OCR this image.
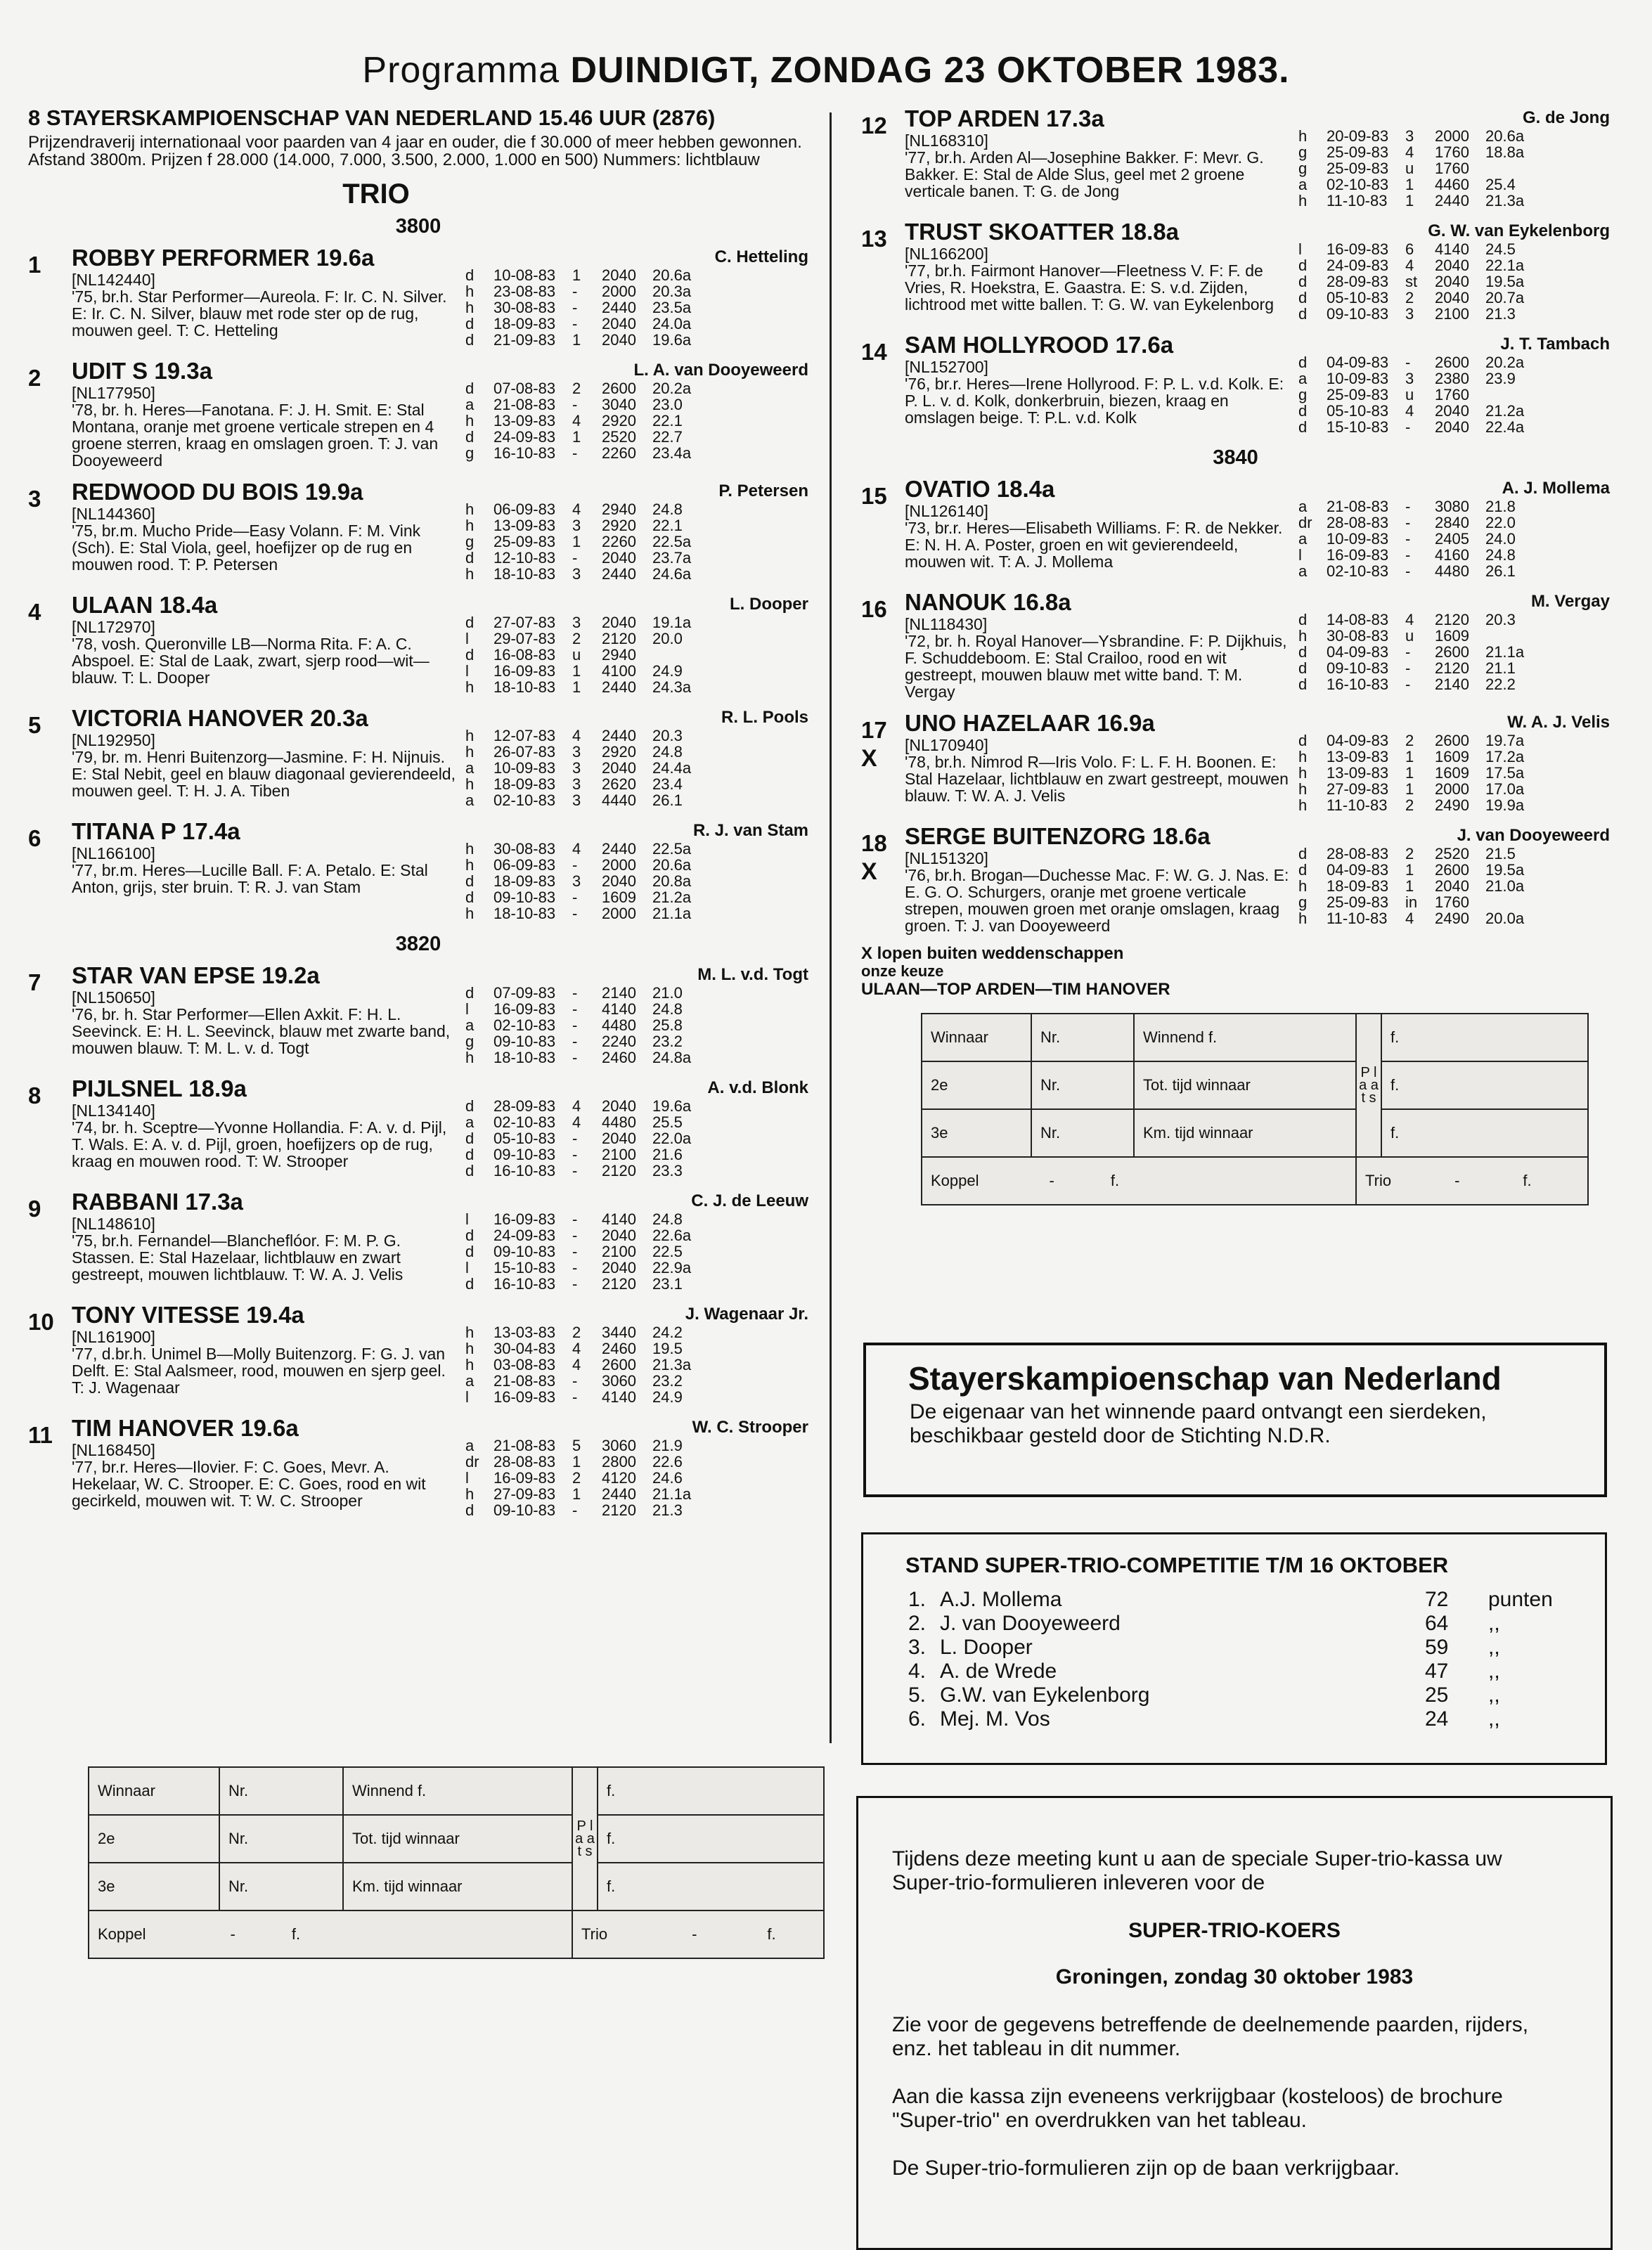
Programma DUINDIGT, ZONDAG 23 OKTOBER 1983.
8 STAYERSKAMPIOENSCHAP VAN NEDERLAND 15.46 UUR (2876)
Prijzendraverij internationaal voor paarden van 4 jaar en ouder, die f 30.000 of meer hebben gewonnen. Afstand 3800m. Prijzen f 28.000 (14.000, 7.000, 3.500, 2.000, 1.000 en 500) Nummers: lichtblauw
TRIO
3800
1	ROBBY PERFORMER 19.6a
[NL142440]
'75, br.h. Star Performer—Aureola. F: Ir. C. N. Silver. E: Ir. C. N. Silver, blauw met rode ster op de rug, mouwen geel. T: C. Hetteling
C. Hetteling
d	10-08-83	1	2040	20.6a
h	23-08-83	-	2000	20.3a
h	30-08-83	-	2440	23.5a
d	18-09-83	-	2040	24.0a
d	21-09-83	1	2040	19.6a
2	UDIT S 19.3a
[NL177950]
'78, br. h. Heres—Fanotana. F: J. H. Smit. E: Stal Montana, oranje met groene verticale strepen en 4 groene sterren, kraag en omslagen groen. T: J. van Dooyeweerd
L. A. van Dooyeweerd
d	07-08-83	2	2600	20.2a
a	21-08-83	-	3040	23.0
h	13-09-83	4	2920	22.1
d	24-09-83	1	2520	22.7
g	16-10-83	-	2260	23.4a
3	REDWOOD DU BOIS 19.9a
[NL144360]
'75, br.m. Mucho Pride—Easy Volann. F: M. Vink (Sch). E: Stal Viola, geel, hoefijzer op de rug en mouwen rood. T: P. Petersen
P. Petersen
h	06-09-83	4	2940	24.8
h	13-09-83	3	2920	22.1
g	25-09-83	1	2260	22.5a
d	12-10-83	-	2040	23.7a
h	18-10-83	3	2440	24.6a
4	ULAAN 18.4a
[NL172970]
'78, vosh. Queronville LB—Norma Rita. F: A. C. Abspoel. E: Stal de Laak, zwart, sjerp rood—wit—blauw. T: L. Dooper
L. Dooper
d	27-07-83	3	2040	19.1a
l	29-07-83	2	2120	20.0
d	16-08-83	u	2940	
l	16-09-83	1	4100	24.9
h	18-10-83	1	2440	24.3a
5	VICTORIA HANOVER 20.3a
[NL192950]
'79, br. m. Henri Buitenzorg—Jasmine. F: H. Nijnuis. E: Stal Nebit, geel en blauw diagonaal gevierendeeld, mouwen geel. T: H. J. A. Tiben
R. L. Pools
h	12-07-83	4	2440	20.3
h	26-07-83	3	2920	24.8
a	10-09-83	3	2040	24.4a
h	18-09-83	3	2620	23.4
a	02-10-83	3	4440	26.1
6	TITANA P 17.4a
[NL166100]
'77, br.m. Heres—Lucille Ball. F: A. Petalo. E: Stal Anton, grijs, ster bruin. T: R. J. van Stam
R. J. van Stam
h	30-08-83	4	2440	22.5a
h	06-09-83	-	2000	20.6a
d	18-09-83	3	2040	20.8a
d	09-10-83	-	1609	21.2a
h	18-10-83	-	2000	21.1a
3820
7	STAR VAN EPSE 19.2a
[NL150650]
'76, br. h. Star Performer—Ellen Axkit. F: H. L. Seevinck. E: H. L. Seevinck, blauw met zwarte band, mouwen blauw. T: M. L. v. d. Togt
M. L. v.d. Togt
d	07-09-83	-	2140	21.0
l	16-09-83	-	4140	24.8
a	02-10-83	-	4480	25.8
g	09-10-83	-	2240	23.2
h	18-10-83	-	2460	24.8a
8	PIJLSNEL 18.9a
[NL134140]
'74, br. h. Sceptre—Yvonne Hollandia. F: A. v. d. Pijl, T. Wals. E: A. v. d. Pijl, groen, hoefijzers op de rug, kraag en mouwen rood. T: W. Strooper
A. v.d. Blonk
d	28-09-83	4	2040	19.6a
a	02-10-83	4	4480	25.5
d	05-10-83	-	2040	22.0a
d	09-10-83	-	2100	21.6
d	16-10-83	-	2120	23.3
9	RABBANI 17.3a
[NL148610]
'75, br.h. Fernandel—Blancheflóor. F: M. P. G. Stassen. E: Stal Hazelaar, lichtblauw en zwart gestreept, mouwen lichtblauw. T: W. A. J. Velis
C. J. de Leeuw
l	16-09-83	-	4140	24.8
d	24-09-83	-	2040	22.6a
d	09-10-83	-	2100	22.5
l	15-10-83	-	2040	22.9a
d	16-10-83	-	2120	23.1
10 TONY VITESSE 19.4a
[NL161900]
'77, d.br.h. Unimel B—Molly Buitenzorg. F: G. J. van Delft. E: Stal Aalsmeer, rood, mouwen en sjerp geel. T: J. Wagenaar
J. Wagenaar Jr.
h	13-03-83	2	3440	24.2
h	30-04-83	4	2460	19.5
h	03-08-83	4	2600	21.3a
a	21-08-83	-	3060	23.2
l	16-09-83	-	4140	24.9
11 TIM HANOVER 19.6a
[NL168450]
'77, br.r. Heres—Ilovier. F: C. Goes, Mevr. A. Hekelaar, W. C. Strooper. E: C. Goes, rood en wit gecirkeld, mouwen wit. T: W. C. Strooper
W. C. Strooper
a	21-08-83	5	3060	21.9
dr	28-08-83	1	2800	22.6
l	16-09-83	2	4120	24.6
h	27-09-83	1	2440	21.1a
d	09-10-83	-	2120	21.3
Winnaar	Nr.	Winnend f.	P l a a t s	f.
2e	Nr.	Tot. tijd winnaar		f.
3e	Nr.	Km. tijd winnaar		f.
Koppel - f.			Trio - f.	
12 TOP ARDEN 17.3a
[NL168310]
'77, br.h. Arden Al—Josephine Bakker. F: Mevr. G. Bakker. E: Stal de Alde Slus, geel met 2 groene verticale banen. T: G. de Jong
G. de Jong
h	20-09-83	3	2000	20.6a
g	25-09-83	4	1760	18.8a
g	25-09-83	u	1760	
a	02-10-83	1	4460	25.4
h	11-10-83	1	2440	21.3a
13 TRUST SKOATTER 18.8a
[NL166200]
'77, br.h. Fairmont Hanover—Fleetness V. F: F. de Vries, R. Hoekstra, E. Gaastra. E: S. v.d. Zijden, lichtrood met witte ballen. T: G. W. van Eykelenborg
G. W. van Eykelenborg
l	16-09-83	6	4140	24.5
d	24-09-83	4	2040	22.1a
d	28-09-83	st	2040	19.5a
d	05-10-83	2	2040	20.7a
d	09-10-83	3	2100	21.3
14 SAM HOLLYROOD 17.6a
[NL152700]
'76, br.r. Heres—Irene Hollyrood. F: P. L. v.d. Kolk. E: P. L. v. d. Kolk, donkerbruin, biezen, kraag en omslagen beige. T: P.L. v.d. Kolk
J. T. Tambach
d	04-09-83	-	2600	20.2a
a	10-09-83	3	2380	23.9
g	25-09-83	u	1760	
d	05-10-83	4	2040	21.2a
d	15-10-83	-	2040	22.4a
3840
15 OVATIO 18.4a
[NL126140]
'73, br.r. Heres—Elisabeth Williams. F: R. de Nekker. E: N. H. A. Poster, groen en wit gevierendeeld, mouwen wit. T: A. J. Mollema
A. J. Mollema
a	21-08-83	-	3080	21.8
dr	28-08-83	-	2840	22.0
a	10-09-83	-	2405	24.0
l	16-09-83	-	4160	24.8
a	02-10-83	-	4480	26.1
16 NANOUK 16.8a
[NL118430]
'72, br. h. Royal Hanover—Ysbrandine. F: P. Dijkhuis, F. Schuddeboom. E: Stal Crailoo, rood en wit gestreept, mouwen blauw met witte band. T: M. Vergay
M. Vergay
d	14-08-83	4	2120	20.3
h	30-08-83	u	1609	
d	04-09-83	-	2600	21.1a
d	09-10-83	-	2120	21.1
d	16-10-83	-	2140	22.2
17
X
UNO HAZELAAR 16.9a
[NL170940]
'78, br.h. Nimrod R—Iris Volo. F: L. F. H. Boonen. E: Stal Hazelaar, lichtblauw en zwart gestreept, mouwen blauw. T: W. A. J. Velis
W. A. J. Velis
d	04-09-83	2	2600	19.7a
h	13-09-83	1	1609	17.2a
h	13-09-83	1	1609	17.5a
h	27-09-83	1	2000	17.0a
h	11-10-83	2	2490	19.9a
18
X
SERGE BUITENZORG 18.6a
[NL151320]
'76, br.h. Brogan—Duchesse Mac. F: W. G. J. Nas. E: E. G. O. Schurgers, oranje met groene verticale strepen, mouwen groen met oranje omslagen, kraag groen. T: J. van Dooyeweerd
J. van Dooyeweerd
d	28-08-83	2	2520	21.5
d	04-09-83	1	2600	19.5a
h	18-09-83	1	2040	21.0a
g	25-09-83	in	1760	
h	11-10-83	4	2490	20.0a
X lopen buiten weddenschappen
onze keuze
ULAAN—TOP ARDEN—TIM HANOVER
Winnaar	Nr.	Winnend f.	P l a a t s	f.
2e	Nr.	Tot. tijd winnaar		f.
3e	Nr.	Km. tijd winnaar		f.
Koppel - f.			Trio - f.	
Stayerskampioenschap van Nederland
De eigenaar van het winnende paard ontvangt een sierdeken, beschikbaar gesteld door de Stichting N.D.R.
STAND SUPER-TRIO-COMPETITIE T/M 16 OKTOBER
1.	A.J. Mollema	72	punten
2.	J. van Dooyeweerd	64	,,
3.	L. Dooper	59	,,
4.	A. de Wrede	47	,,
5.	G.W. van Eykelenborg	25	,,
6.	Mej. M. Vos	24	,,

Tijdens deze meeting kunt u aan de speciale Super-trio-kassa uw Super-trio-formulieren inleveren voor de

SUPER-TRIO-KOERS

Groningen, zondag 30 oktober 1983

Zie voor de gegevens betreffende de deelnemende paarden, rijders, enz. het tableau in dit nummer.

Aan die kassa zijn eveneens verkrijgbaar (kosteloos) de brochure "Super-trio" en overdrukken van het tableau.

De Super-trio-formulieren zijn op de baan verkrijgbaar.
